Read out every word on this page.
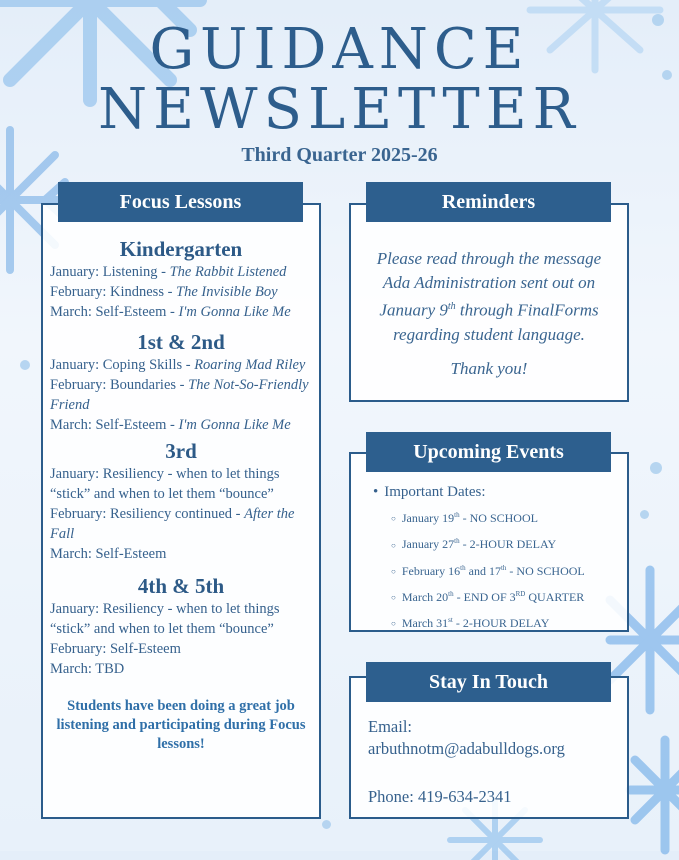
GUIDANCE
NEWSLETTER
Third Quarter 2025-26

Kindergarten

January: Listening - The Rabbit Listened

February: Kindness - The Invisible Boy

March: Self-Esteem - I'm Gonna Like Me

1st & 2nd

January: Coping Skills - Roaring Mad Riley

February: Boundaries - The Not-So-Friendly Friend

March: Self-Esteem - I'm Gonna Like Me

3rd

January: Resiliency - when to let things “stick” and when to let them “bounce”

February: Resiliency continued - After the Fall

March: Self-Esteem

4th & 5th

January: Resiliency - when to let things “stick” and when to let them “bounce”

February: Self-Esteem

March: TBD

Students have been doing a great job listening and participating during Focus lessons!

Focus Lessons

Please read through the message Ada Administration sent out on January 9th through FinalForms regarding student language.

Thank you!

Reminders
• Important Dates:
○ January 19th - NO SCHOOL
○ January 27th - 2-HOUR DELAY
○ February 16th and 17th - NO SCHOOL
○ March 20th - END OF 3RD QUARTER
○ March 31st - 2-HOUR DELAY
Upcoming Events

Email:

arbuthnotm@adabulldogs.org

Phone: 419-634-2341

Stay In Touch
